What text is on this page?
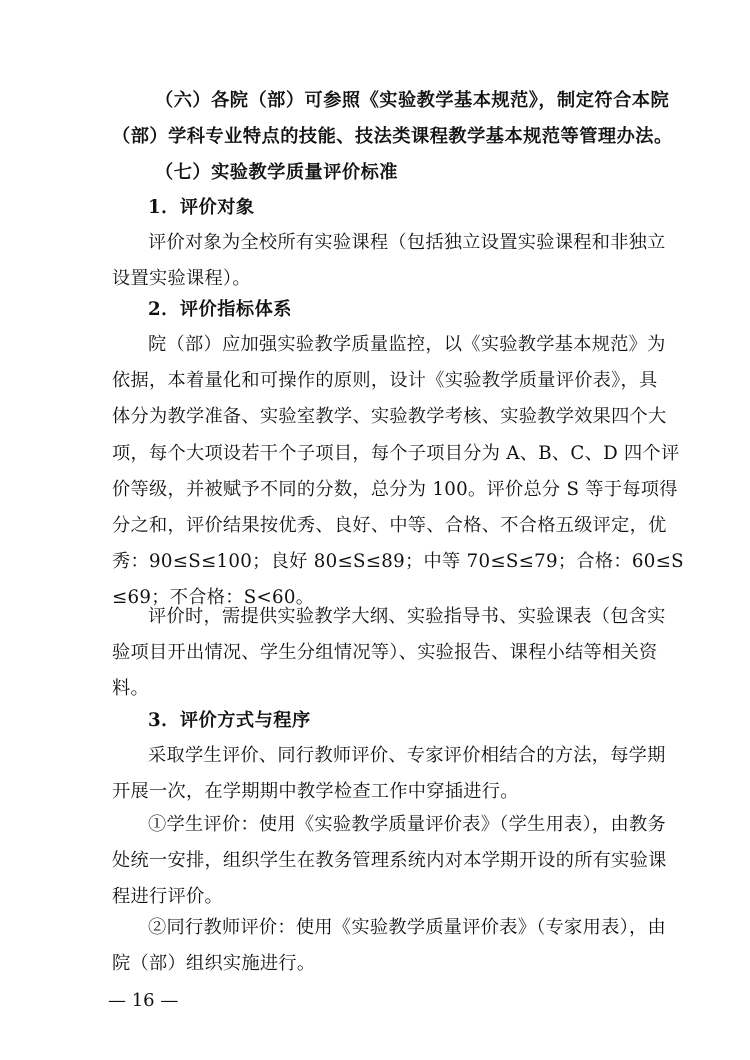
（六）各院（部）可参照《实验教学基本规范》，制定符合本院
（部）学科专业特点的技能、技法类课程教学基本规范等管理办法。
（七）实验教学质量评价标准
1．评价对象
评价对象为全校所有实验课程（包括独立设置实验课程和非独立
设置实验课程）。
2．评价指标体系
院（部）应加强实验教学质量监控，以《实验教学基本规范》为
依据，本着量化和可操作的原则，设计《实验教学质量评价表》，具
体分为教学准备、实验室教学、实验教学考核、实验教学效果四个大
项，每个大项设若干个子项目，每个子项目分为 A、B、C、D 四个评
价等级，并被赋予不同的分数，总分为 100。评价总分 S 等于每项得
分之和，评价结果按优秀、良好、中等、合格、不合格五级评定，优
秀：90≤S≤100；良好 80≤S≤89；中等 70≤S≤79；合格：60≤S
≤69；不合格：S<60。
评价时，需提供实验教学大纲、实验指导书、实验课表（包含实
验项目开出情况、学生分组情况等）、实验报告、课程小结等相关资
料。
3．评价方式与程序
采取学生评价、同行教师评价、专家评价相结合的方法，每学期
开展一次，在学期期中教学检查工作中穿插进行。
①学生评价：使用《实验教学质量评价表》（学生用表），由教务
处统一安排，组织学生在教务管理系统内对本学期开设的所有实验课
程进行评价。
②同行教师评价：使用《实验教学质量评价表》（专家用表），由
院（部）组织实施进行。
— 16 —
